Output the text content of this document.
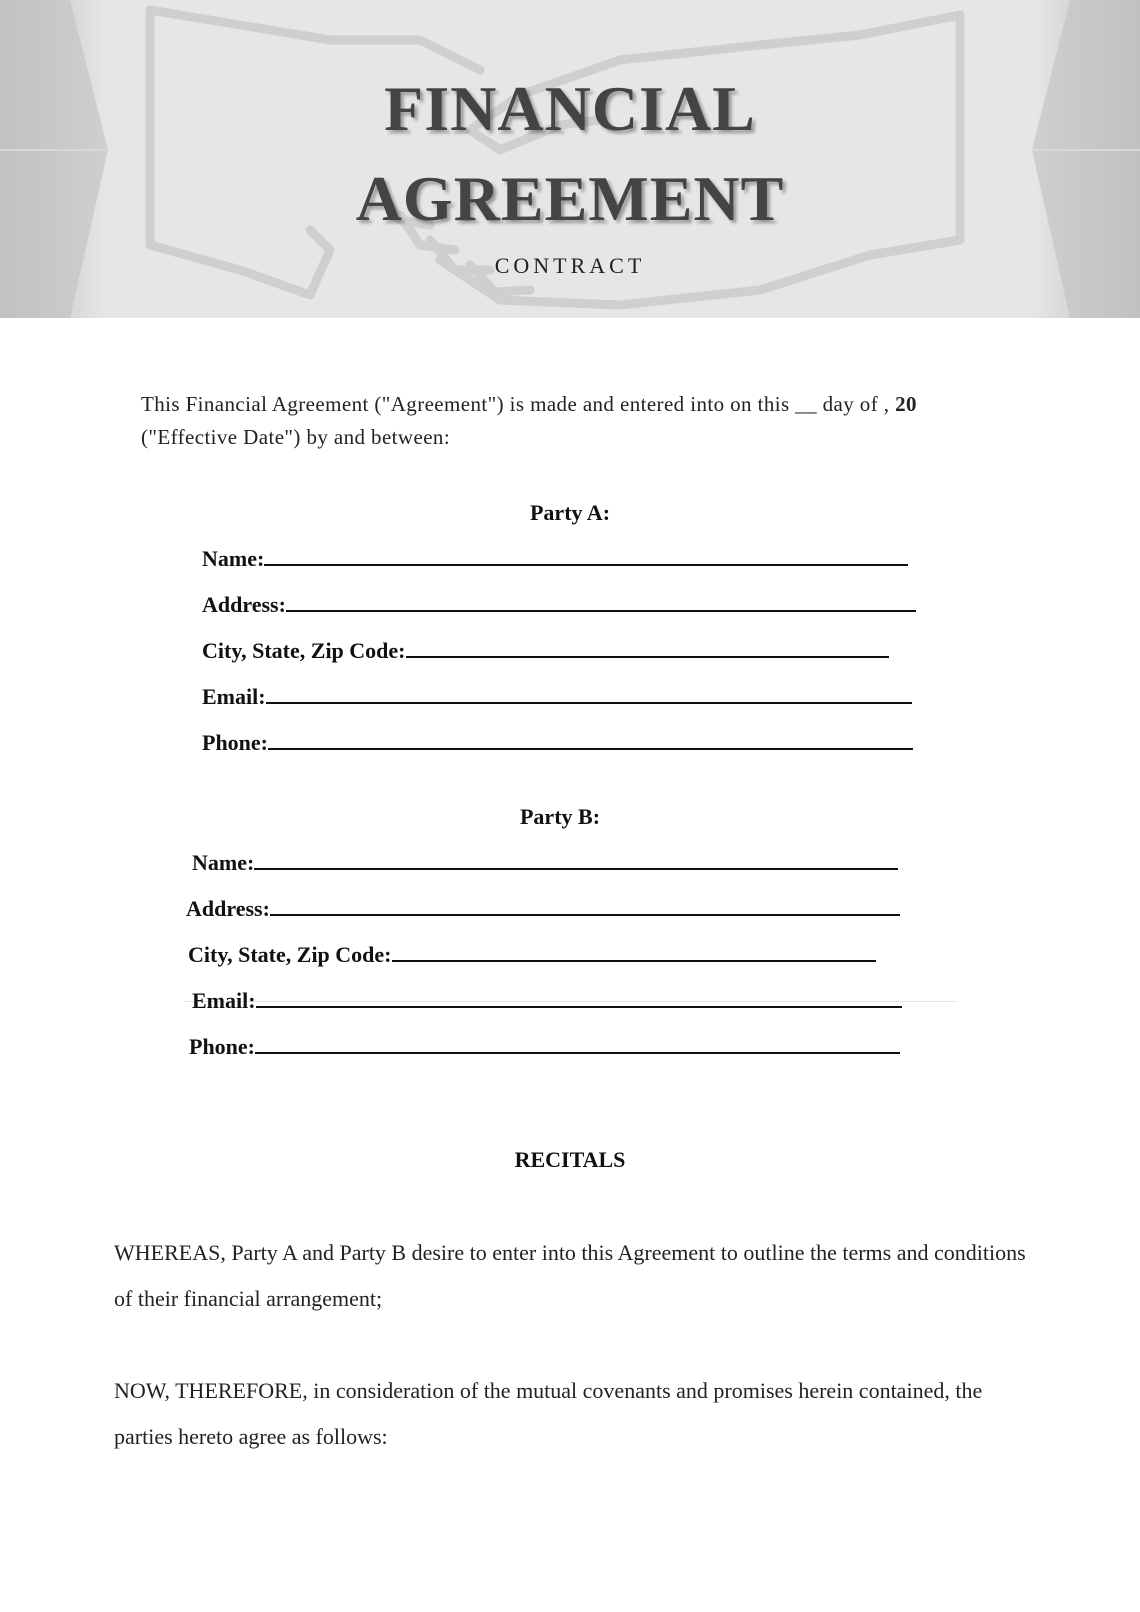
FINANCIAL
AGREEMENT
CONTRACT
This Financial Agreement ("Agreement") is made and entered into on this __ day of , 20
("Effective Date") by and between:
Party A:
Name:
Address:
City, State, Zip Code:
Email:
Phone:
Party B:
Name:
Address:
City, State, Zip Code:
Email:
Phone:
RECITALS
WHEREAS, Party A and Party B desire to enter into this Agreement to outline the terms and conditions of their financial arrangement;
NOW, THEREFORE, in consideration of the mutual covenants and promises herein contained, the parties hereto agree as follows:
